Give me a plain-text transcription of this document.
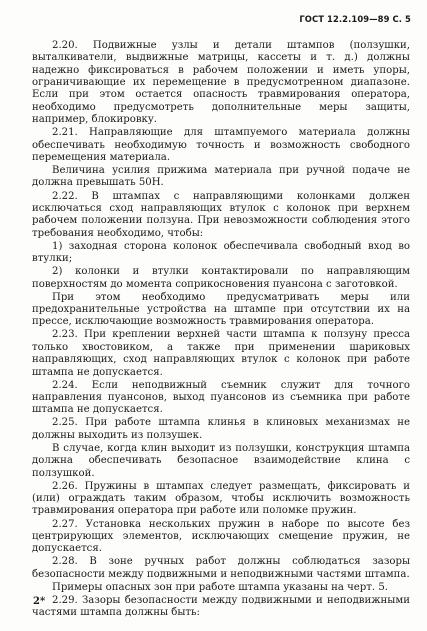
ГОСТ 12.2.109—89 С. 5

2.20. Подвижные узлы и детали штампов (ползушки, выталкиватели, выдвижные матрицы, кассеты и т. д.) должны надежно фиксироваться в рабочем положении и иметь упоры, ограничивающие их перемещение в предусмотренном диапазоне. Если при этом остается опасность травмирования оператора, необходимо предусмотреть дополнительные меры защиты, например, блокировку.

2.21. Направляющие для штампуемого материала должны обеспечивать необходимую точность и возможность свободного перемещения материала.

Величина усилия прижима материала при ручной подаче не должна превышать 50Н.

2.22. В штампах с направляющими колонками должен исключаться сход направляющих втулок с колонок при верхнем рабочем положении ползуна. При невозможности соблюдения этого требования необходимо, чтобы:

1) заходная сторона колонок обеспечивала свободный вход во втулки;

2) колонки и втулки контактировали по направляющим поверхностям до момента соприкосновения пуансона с заготовкой.

При этом необходимо предусматривать меры или предохранительные устройства на штампе при отсутствии их на прессе, исключающие возможность травмирования оператора.

2.23. При креплении верхней части штампа к ползуну пресса только хвостовиком, а также при применении шариковых направляющих, сход направляющих втулок с колонок при работе штампа не допускается.

2.24. Если неподвижный съемник служит для точного направления пуансонов, выход пуансонов из съемника при работе штампа не допускается.

2.25. При работе штампа клинья в клиновых механизмах не должны выходить из ползушек.

В случае, когда клин выходит из ползушки, конструкция штампа должна обеспечивать безопасное взаимодействие клина с ползушкой.

2.26. Пружины в штампах следует размещать, фиксировать и (или) ограждать таким образом, чтобы исключить возможность травмирования оператора при работе или поломке пружин.

2.27. Установка нескольких пружин в наборе по высоте без центрирующих элементов, исключающих смещение пружин, не допускается.

2.28. В зоне ручных работ должны соблюдаться зазоры безопасности между подвижными и неподвижными частями штампа.

Примеры опасных зон при работе штампа указаны на черт. 5.

2.29. Зазоры безопасности между подвижными и неподвижными частями штампа должны быть:

2*
